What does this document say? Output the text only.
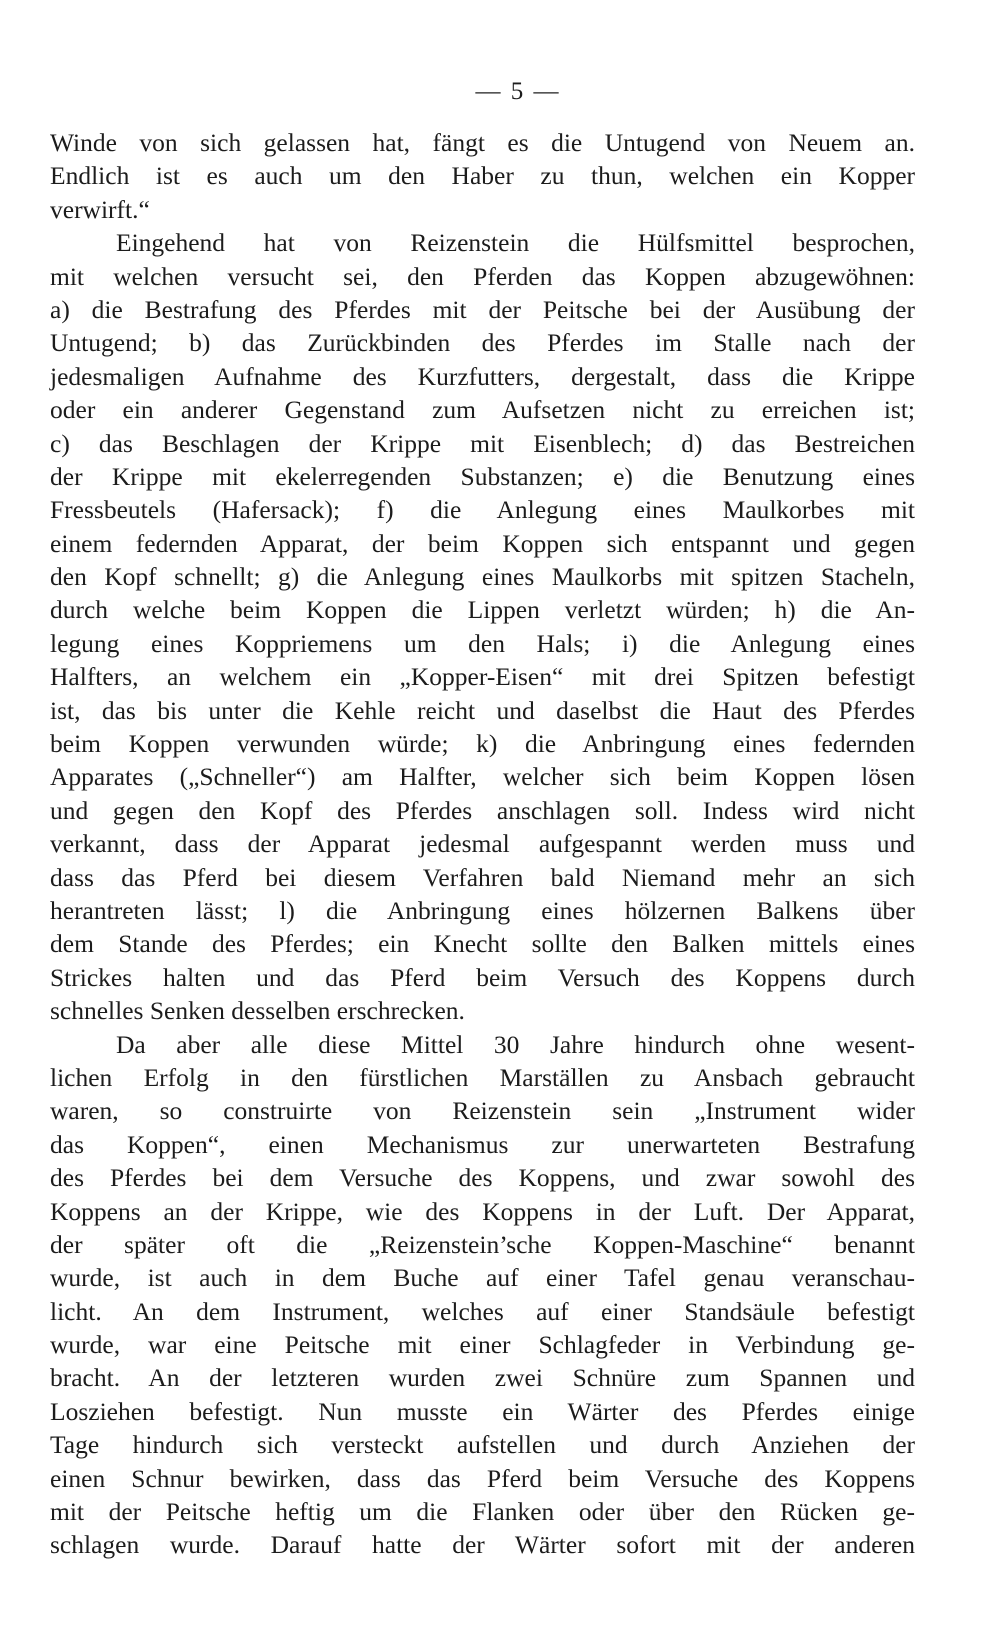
— 5 —
Winde von sich gelassen hat, fängt es die Untugend von Neuem an.
Endlich ist es auch um den Haber zu thun, welchen ein Kopper
verwirft.“
Eingehend hat von Reizenstein die Hülfsmittel besprochen,
mit welchen versucht sei, den Pferden das Koppen abzugewöhnen:
a) die Bestrafung des Pferdes mit der Peitsche bei der Ausübung der
Untugend; b) das Zurückbinden des Pferdes im Stalle nach der
jedesmaligen Aufnahme des Kurzfutters, dergestalt, dass die Krippe
oder ein anderer Gegenstand zum Aufsetzen nicht zu erreichen ist;
c) das Beschlagen der Krippe mit Eisenblech; d) das Bestreichen
der Krippe mit ekelerregenden Substanzen; e) die Benutzung eines
Fressbeutels (Hafersack); f) die Anlegung eines Maulkorbes mit
einem federnden Apparat, der beim Koppen sich entspannt und gegen
den Kopf schnellt; g) die Anlegung eines Maulkorbs mit spitzen Stacheln,
durch welche beim Koppen die Lippen verletzt würden; h) die An-
legung eines Koppriemens um den Hals; i) die Anlegung eines
Halfters, an welchem ein „Kopper-Eisen“ mit drei Spitzen befestigt
ist, das bis unter die Kehle reicht und daselbst die Haut des Pferdes
beim Koppen verwunden würde; k) die Anbringung eines federnden
Apparates („Schneller“) am Halfter, welcher sich beim Koppen lösen
und gegen den Kopf des Pferdes anschlagen soll. Indess wird nicht
verkannt, dass der Apparat jedesmal aufgespannt werden muss und
dass das Pferd bei diesem Verfahren bald Niemand mehr an sich
herantreten lässt; l) die Anbringung eines hölzernen Balkens über
dem Stande des Pferdes; ein Knecht sollte den Balken mittels eines
Strickes halten und das Pferd beim Versuch des Koppens durch
schnelles Senken desselben erschrecken.
Da aber alle diese Mittel 30 Jahre hindurch ohne wesent-
lichen Erfolg in den fürstlichen Marställen zu Ansbach gebraucht
waren, so construirte von Reizenstein sein „Instrument wider
das Koppen“, einen Mechanismus zur unerwarteten Bestrafung
des Pferdes bei dem Versuche des Koppens, und zwar sowohl des
Koppens an der Krippe, wie des Koppens in der Luft. Der Apparat,
der später oft die „Reizenstein’sche Koppen-Maschine“ benannt
wurde, ist auch in dem Buche auf einer Tafel genau veranschau-
licht. An dem Instrument, welches auf einer Standsäule befestigt
wurde, war eine Peitsche mit einer Schlagfeder in Verbindung ge-
bracht. An der letzteren wurden zwei Schnüre zum Spannen und
Losziehen befestigt. Nun musste ein Wärter des Pferdes einige
Tage hindurch sich versteckt aufstellen und durch Anziehen der
einen Schnur bewirken, dass das Pferd beim Versuche des Koppens
mit der Peitsche heftig um die Flanken oder über den Rücken ge-
schlagen wurde. Darauf hatte der Wärter sofort mit der anderen
